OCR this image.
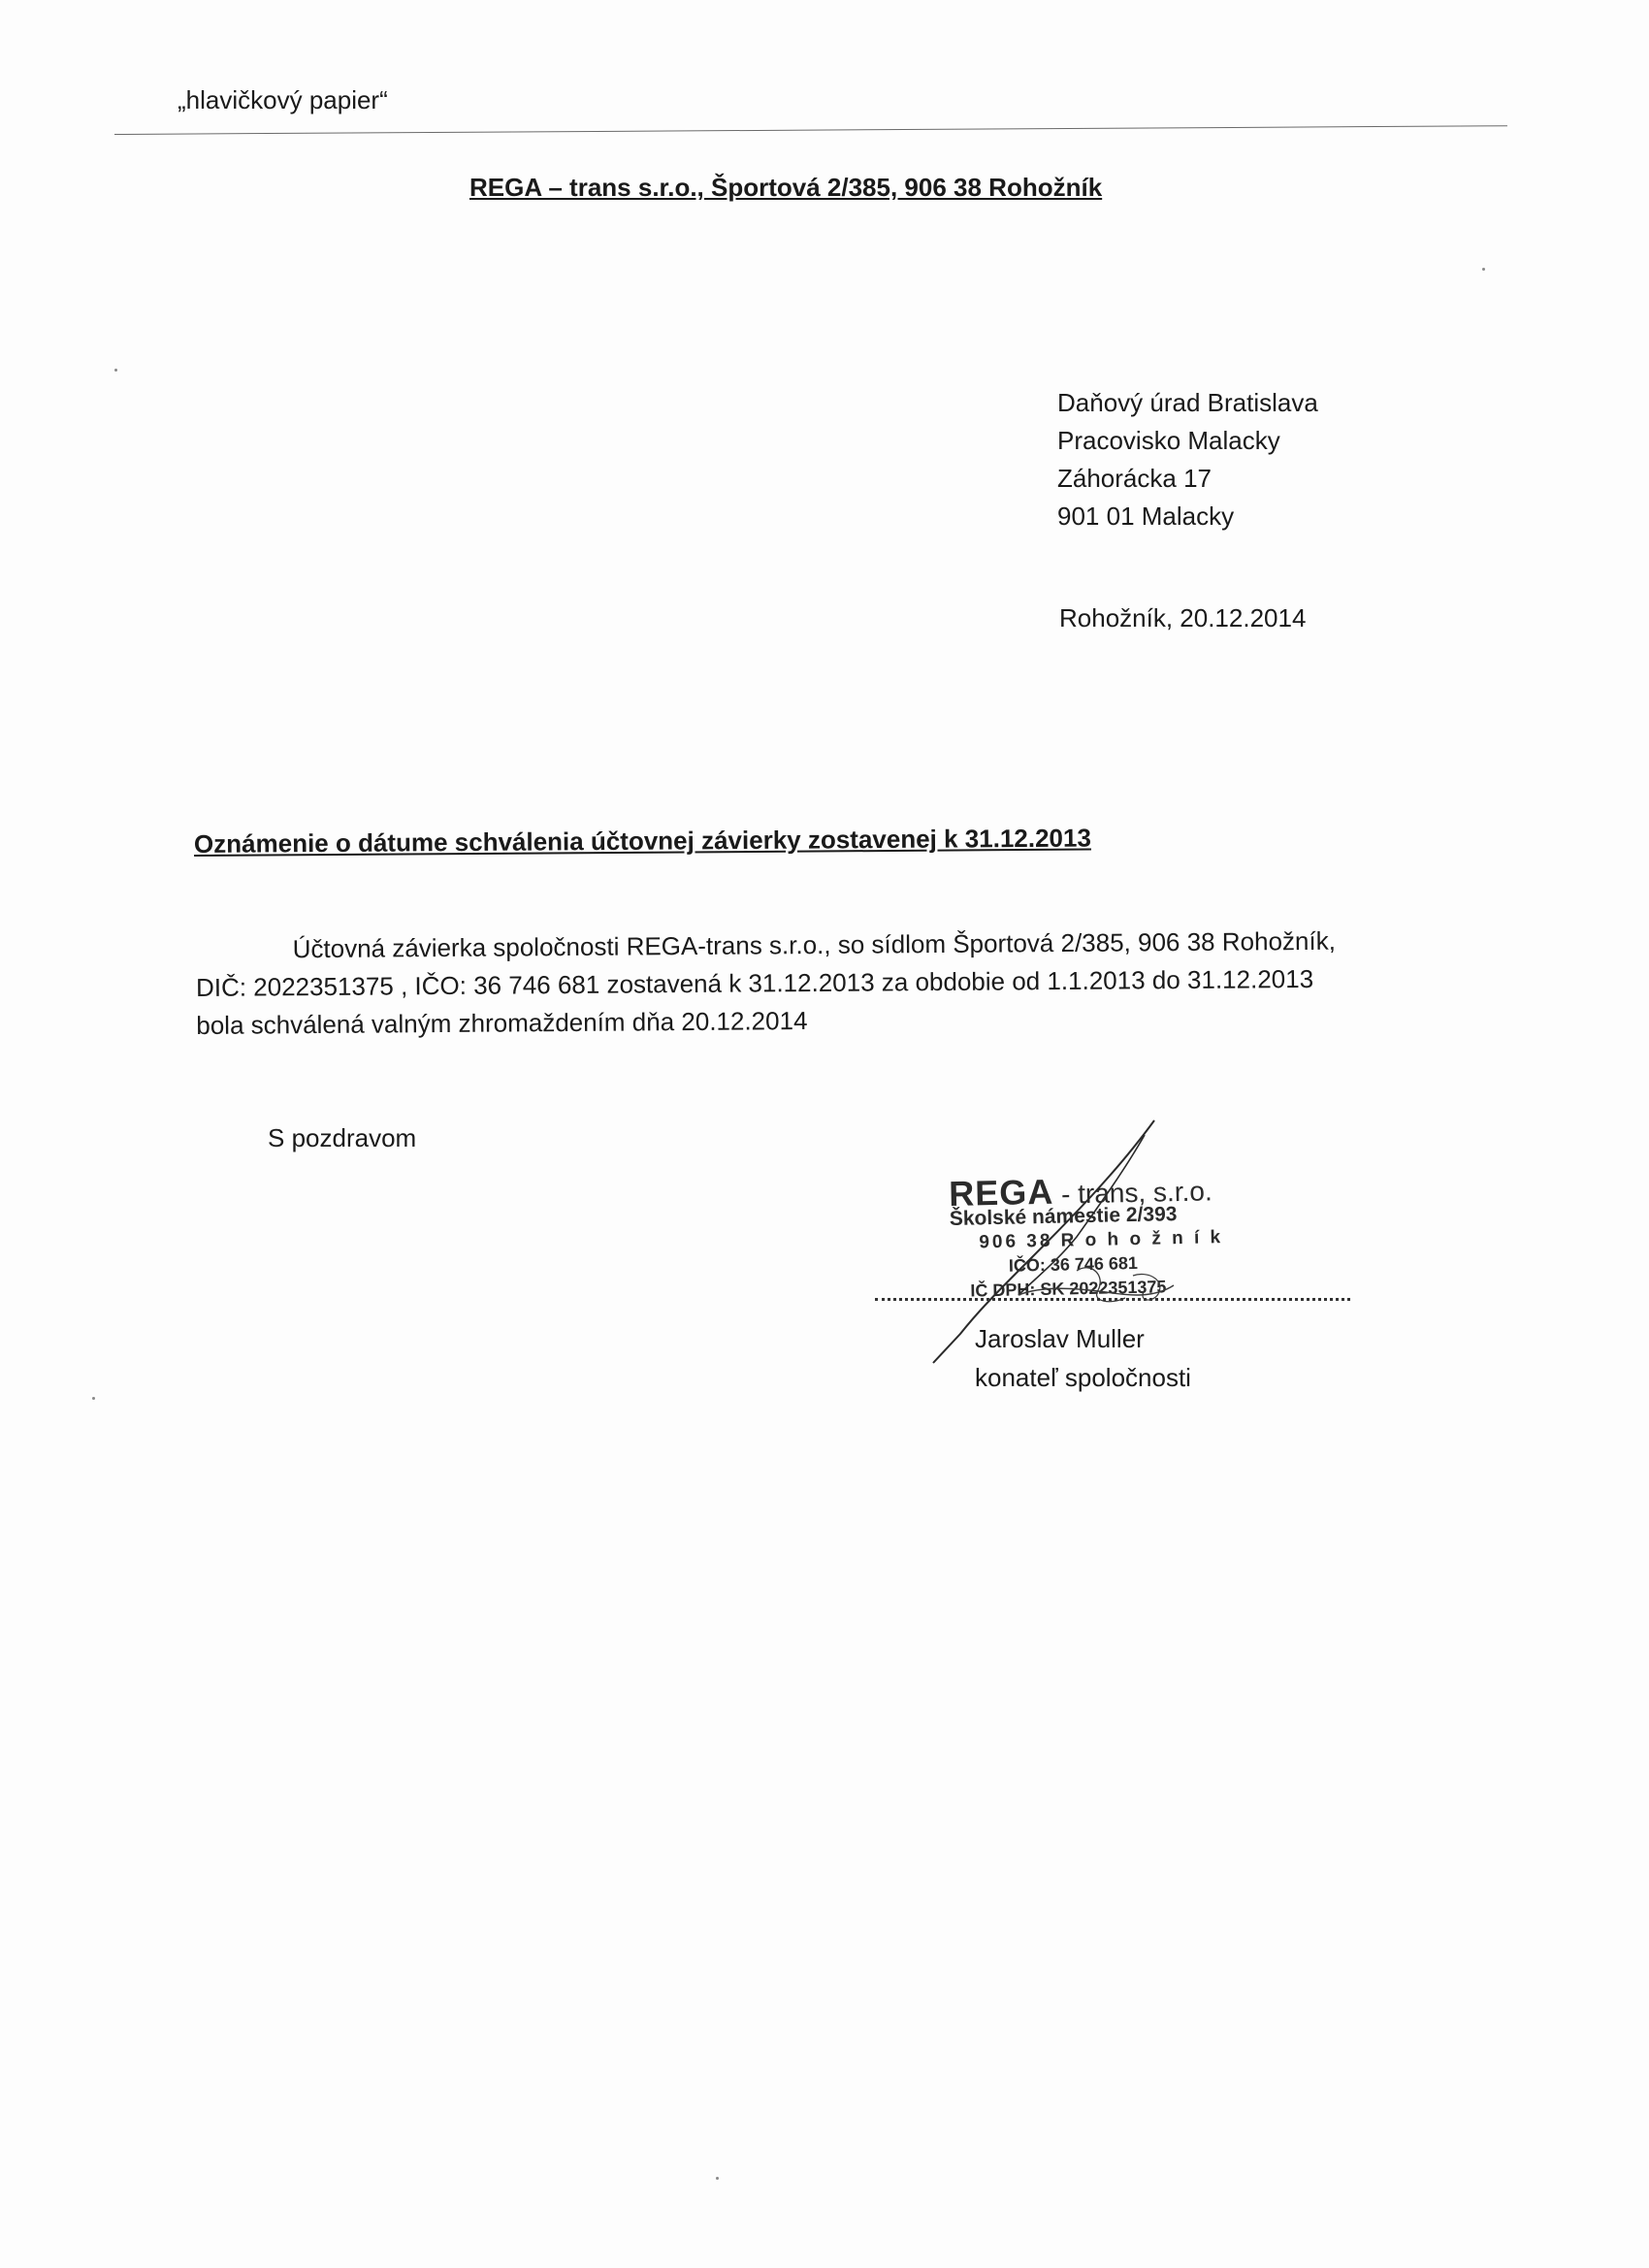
„hlavičkový papier“
REGA – trans s.r.o., Športová 2/385, 906 38 Rohožník
Daňový úrad Bratislava
Pracovisko Malacky
Záhorácka 17
901 01 Malacky
Rohožník, 20.12.2014
Oznámenie o dátume schválenia účtovnej závierky zostavenej k 31.12.2013
Účtovná závierka spoločnosti REGA-trans s.r.o., so sídlom Športová 2/385, 906 38 Rohožník,
DIČ: 2022351375 , IČO: 36 746 681 zostavená k 31.12.2013 za obdobie od 1.1.2013 do 31.12.2013
bola schválená valným zhromaždením dňa 20.12.2014
S pozdravom
REGA - trans, s.r.o.
Školské námestie 2/393
906 38 R o h o ž n í k
IČO: 36 746 681
IČ DPH: SK 2022351375
Jaroslav Muller
konateľ spoločnosti
